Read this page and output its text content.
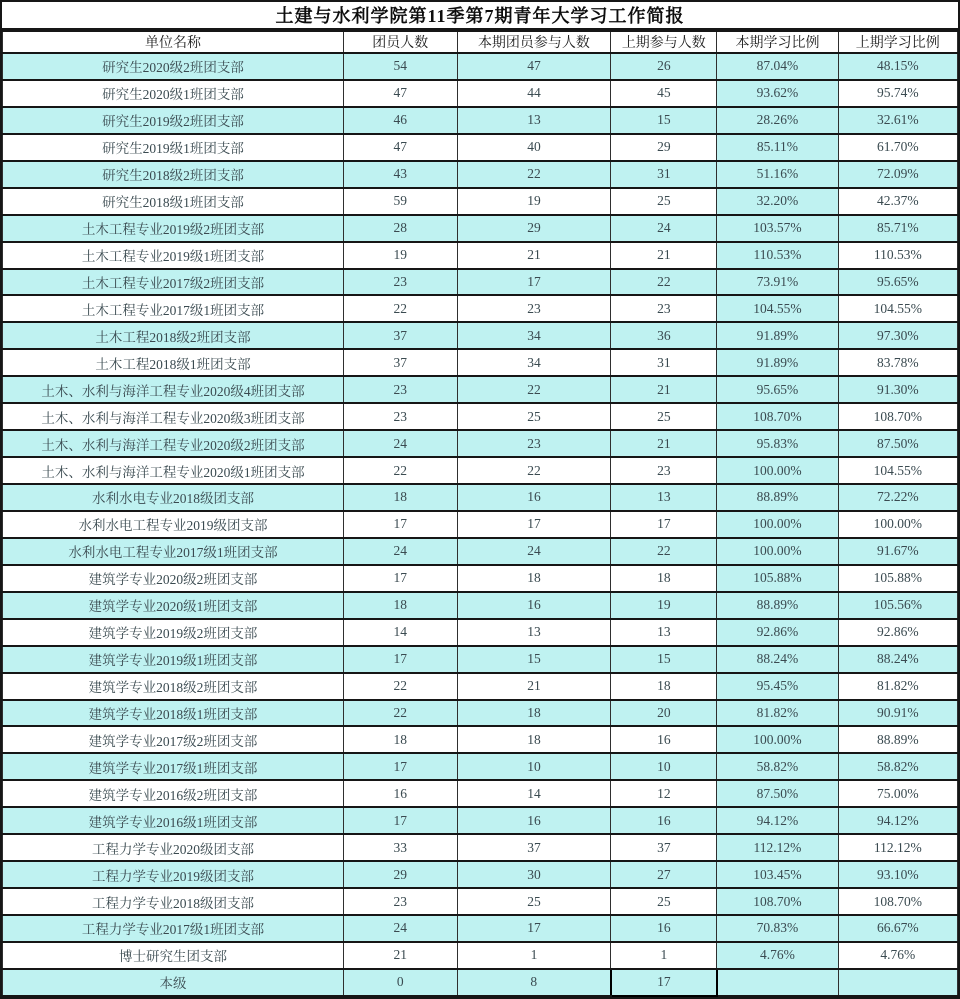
土建与水利学院第11季第7期青年大学习工作简报
单位名称	团员人数	本期团员参与人数	上期参与人数	本期学习比例	上期学习比例
研究生2020级2班团支部	54	47	26	87.04%	48.15%
研究生2020级1班团支部	47	44	45	93.62%	95.74%
研究生2019级2班团支部	46	13	15	28.26%	32.61%
研究生2019级1班团支部	47	40	29	85.11%	61.70%
研究生2018级2班团支部	43	22	31	51.16%	72.09%
研究生2018级1班团支部	59	19	25	32.20%	42.37%
土木工程专业2019级2班团支部	28	29	24	103.57%	85.71%
土木工程专业2019级1班团支部	19	21	21	110.53%	110.53%
土木工程专业2017级2班团支部	23	17	22	73.91%	95.65%
土木工程专业2017级1班团支部	22	23	23	104.55%	104.55%
土木工程2018级2班团支部	37	34	36	91.89%	97.30%
土木工程2018级1班团支部	37	34	31	91.89%	83.78%
土木、水利与海洋工程专业2020级4班团支部	23	22	21	95.65%	91.30%
土木、水利与海洋工程专业2020级3班团支部	23	25	25	108.70%	108.70%
土木、水利与海洋工程专业2020级2班团支部	24	23	21	95.83%	87.50%
土木、水利与海洋工程专业2020级1班团支部	22	22	23	100.00%	104.55%
水利水电专业2018级团支部	18	16	13	88.89%	72.22%
水利水电工程专业2019级团支部	17	17	17	100.00%	100.00%
水利水电工程专业2017级1班团支部	24	24	22	100.00%	91.67%
建筑学专业2020级2班团支部	17	18	18	105.88%	105.88%
建筑学专业2020级1班团支部	18	16	19	88.89%	105.56%
建筑学专业2019级2班团支部	14	13	13	92.86%	92.86%
建筑学专业2019级1班团支部	17	15	15	88.24%	88.24%
建筑学专业2018级2班团支部	22	21	18	95.45%	81.82%
建筑学专业2018级1班团支部	22	18	20	81.82%	90.91%
建筑学专业2017级2班团支部	18	18	16	100.00%	88.89%
建筑学专业2017级1班团支部	17	10	10	58.82%	58.82%
建筑学专业2016级2班团支部	16	14	12	87.50%	75.00%
建筑学专业2016级1班团支部	17	16	16	94.12%	94.12%
工程力学专业2020级团支部	33	37	37	112.12%	112.12%
工程力学专业2019级团支部	29	30	27	103.45%	93.10%
工程力学专业2018级团支部	23	25	25	108.70%	108.70%
工程力学专业2017级1班团支部	24	17	16	70.83%	66.67%
博士研究生团支部	21	1	1	4.76%	4.76%
本级	0	8	17		
